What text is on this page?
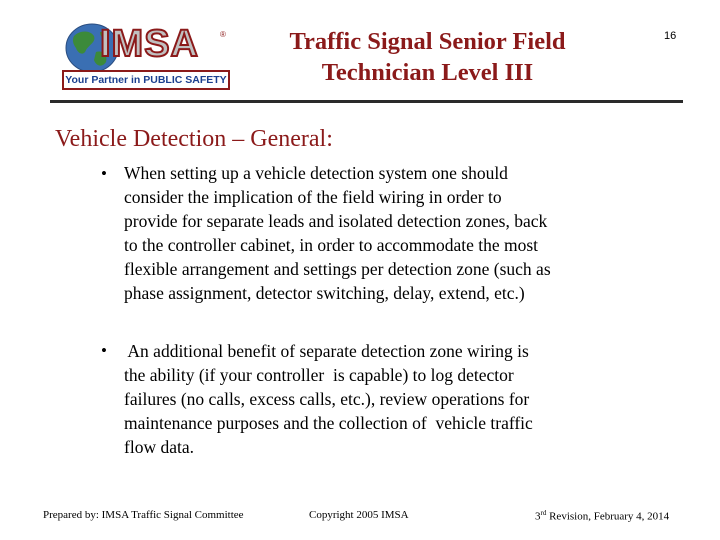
IMSA	®
Your Partner in PUBLIC SAFETY
Traffic Signal Senior Field Technician Level III
16
Vehicle Detection – General:
• When setting up a vehicle detection system one should
consider the implication of the field wiring in order to
provide for separate leads and isolated detection zones, back
to the controller cabinet, in order to accommodate the most
flexible arrangement and settings per detection zone (such as
phase assignment, detector switching, delay, extend, etc.)

• An additional benefit of separate detection zone wiring is
the ability (if your controller  is capable) to log detector
failures (no calls, excess calls, etc.), review operations for
maintenance purposes and the collection of  vehicle traffic
flow data.

Prepared by: IMSA Traffic Signal Committee	Copyright 2005 IMSA	3rd Revision, February 4, 2014
